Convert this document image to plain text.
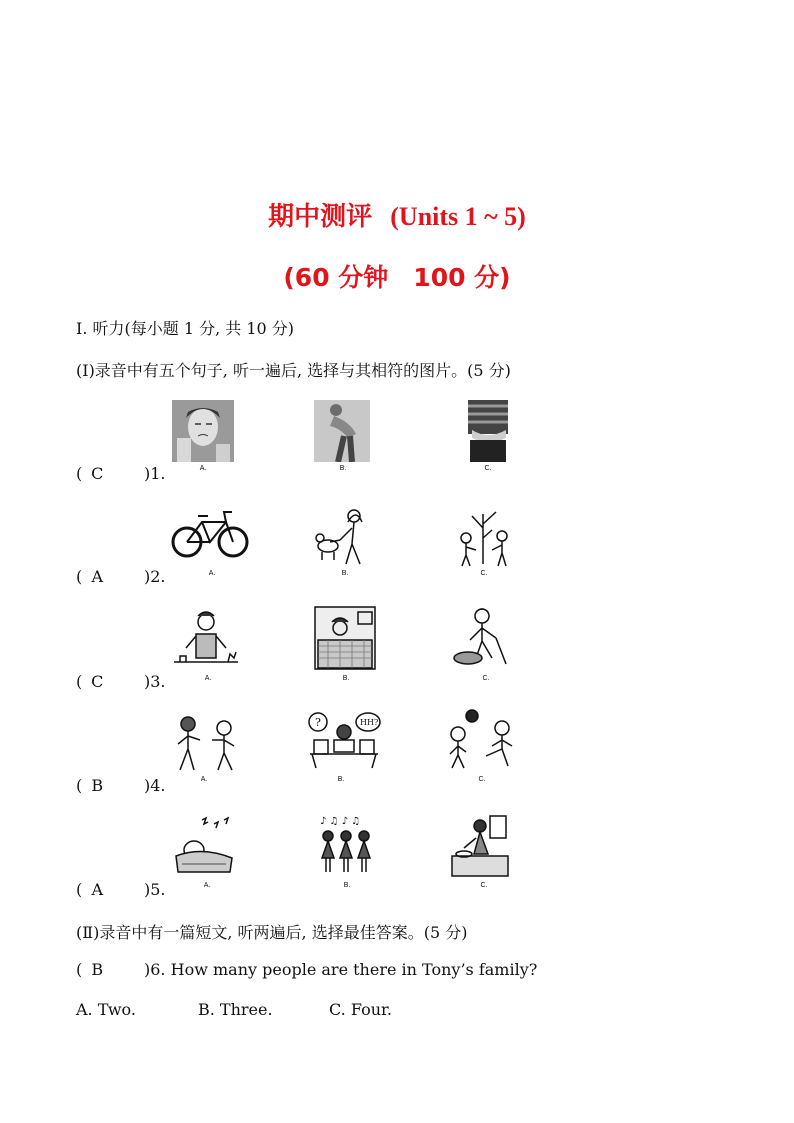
期中测评 (Units 1 ~ 5)
(60 分钟　100 分)
Ⅰ. 听力(每小题 1 分, 共 10 分)
(Ⅰ)录音中有五个句子, 听一遍后, 选择与其相符的图片。(5 分)
( C	)1.	A.	B.	C.
( A	)2.	A.	B.	C.
( C	)3.	A.	B.	C.
( B	)4.	A.
?	HH?
B.	C.
( A	)5.	A.
♪ ♫ ♪ ♫
B.	C.
(Ⅱ)录音中有一篇短文, 听两遍后, 选择最佳答案。(5 分)
( B	)6. How many people are there in Tony’s family?
A. Two.	B. Three.	C. Four.
